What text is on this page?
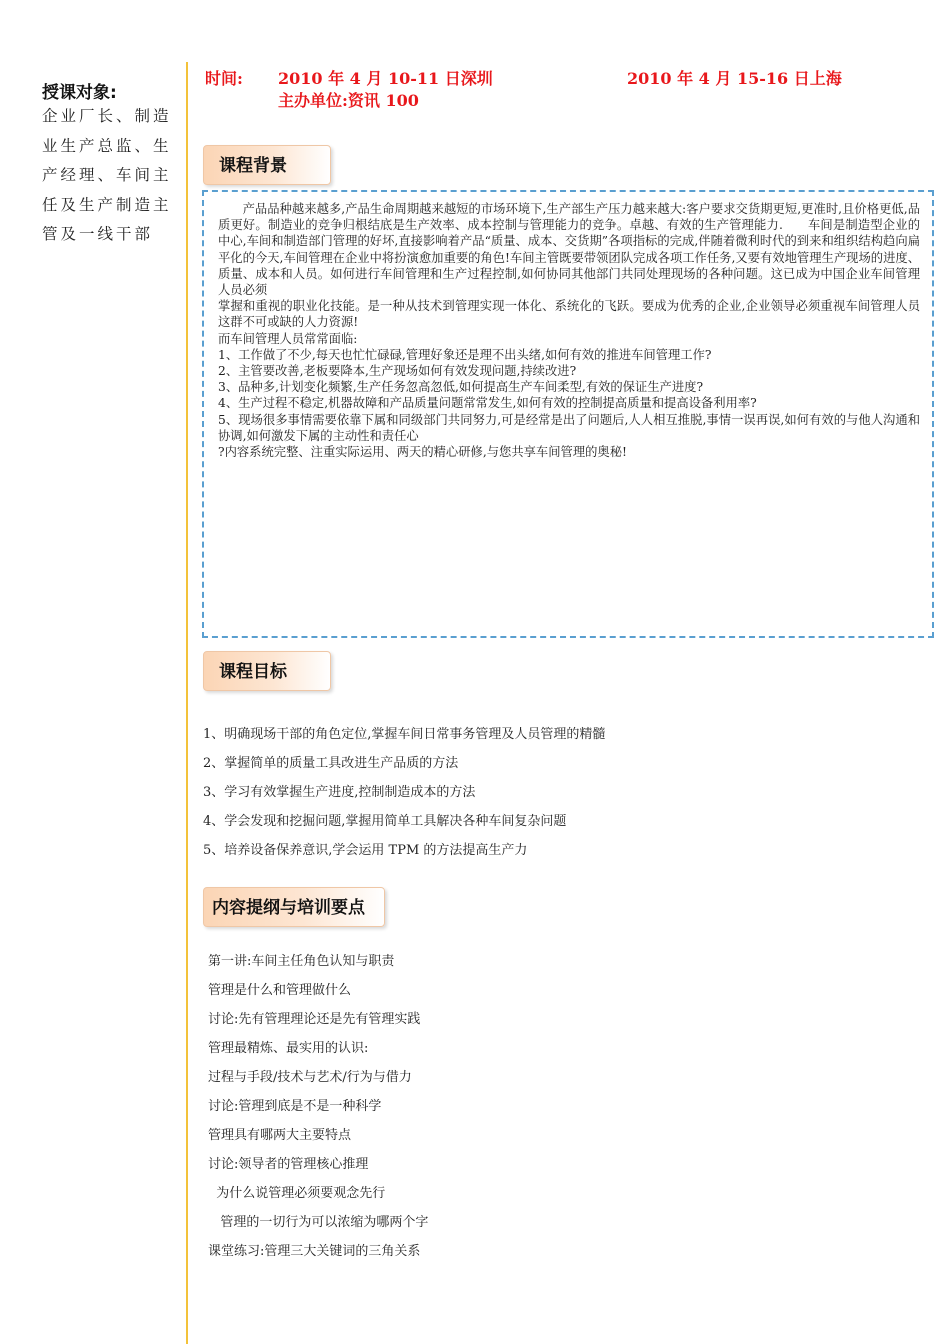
授课对象:
企业厂长、制造业生产总监、生产经理、车间主任及生产制造主管及一线干部
时间: 2010 年 4 月 10-11 日深圳	2010 年 4 月 15-16 日上海
主办单位:资讯 100
课程背景

产品品种越来越多,产品生命周期越来越短的市场环境下,生产部生产压力越来越大:客户要求交货期更短,更准时,且价格更低,品质更好。制造业的竞争归根结底是生产效率、成本控制与管理能力的竞争。卓越、有效的生产管理能力.　　车间是制造型企业的中心,车间和制造部门管理的好坏,直接影响着产品“质量、成本、交货期”各项指标的完成,伴随着微利时代的到来和组织结构趋向扁平化的今天,车间管理在企业中将扮演愈加重要的角色!车间主管既要带领团队完成各项工作任务,又要有效地管理生产现场的进度、质量、成本和人员。如何进行车间管理和生产过程控制,如何协同其他部门共同处理现场的各种问题。这已成为中国企业车间管理人员必须

掌握和重视的职业化技能。是一种从技术到管理实现一体化、系统化的飞跃。要成为优秀的企业,企业领导必须重视车间管理人员这群不可或缺的人力资源!

而车间管理人员常常面临:

1、工作做了不少,每天也忙忙碌碌,管理好象还是理不出头绪,如何有效的推进车间管理工作?

2、主管要改善,老板要降本,生产现场如何有效发现问题,持续改进?

3、品种多,计划变化频繁,生产任务忽高忽低,如何提高生产车间柔型,有效的保证生产进度?

4、生产过程不稳定,机器故障和产品质量问题常常发生,如何有效的控制提高质量和提高设备利用率?

5、现场很多事情需要依靠下属和同级部门共同努力,可是经常是出了问题后,人人相互推脱,事情一误再误,如何有效的与他人沟通和协调,如何激发下属的主动性和责任心

?内容系统完整、注重实际运用、两天的精心研修,与您共享车间管理的奥秘!

课程目标
1、明确现场干部的角色定位,掌握车间日常事务管理及人员管理的精髓
2、掌握简单的质量工具改进生产品质的方法
3、学习有效掌握生产进度,控制制造成本的方法
4、学会发现和挖掘问题,掌握用简单工具解决各种车间复杂问题
5、培养设备保养意识,学会运用 TPM 的方法提高生产力
内容提纲与培训要点
第一讲:车间主任角色认知与职责
管理是什么和管理做什么
讨论:先有管理理论还是先有管理实践
管理最精炼、最实用的认识:
过程与手段/技术与艺术/行为与借力
讨论:管理到底是不是一种科学
管理具有哪两大主要特点
讨论:领导者的管理核心推理
为什么说管理必须要观念先行
管理的一切行为可以浓缩为哪两个字
课堂练习:管理三大关键词的三角关系
